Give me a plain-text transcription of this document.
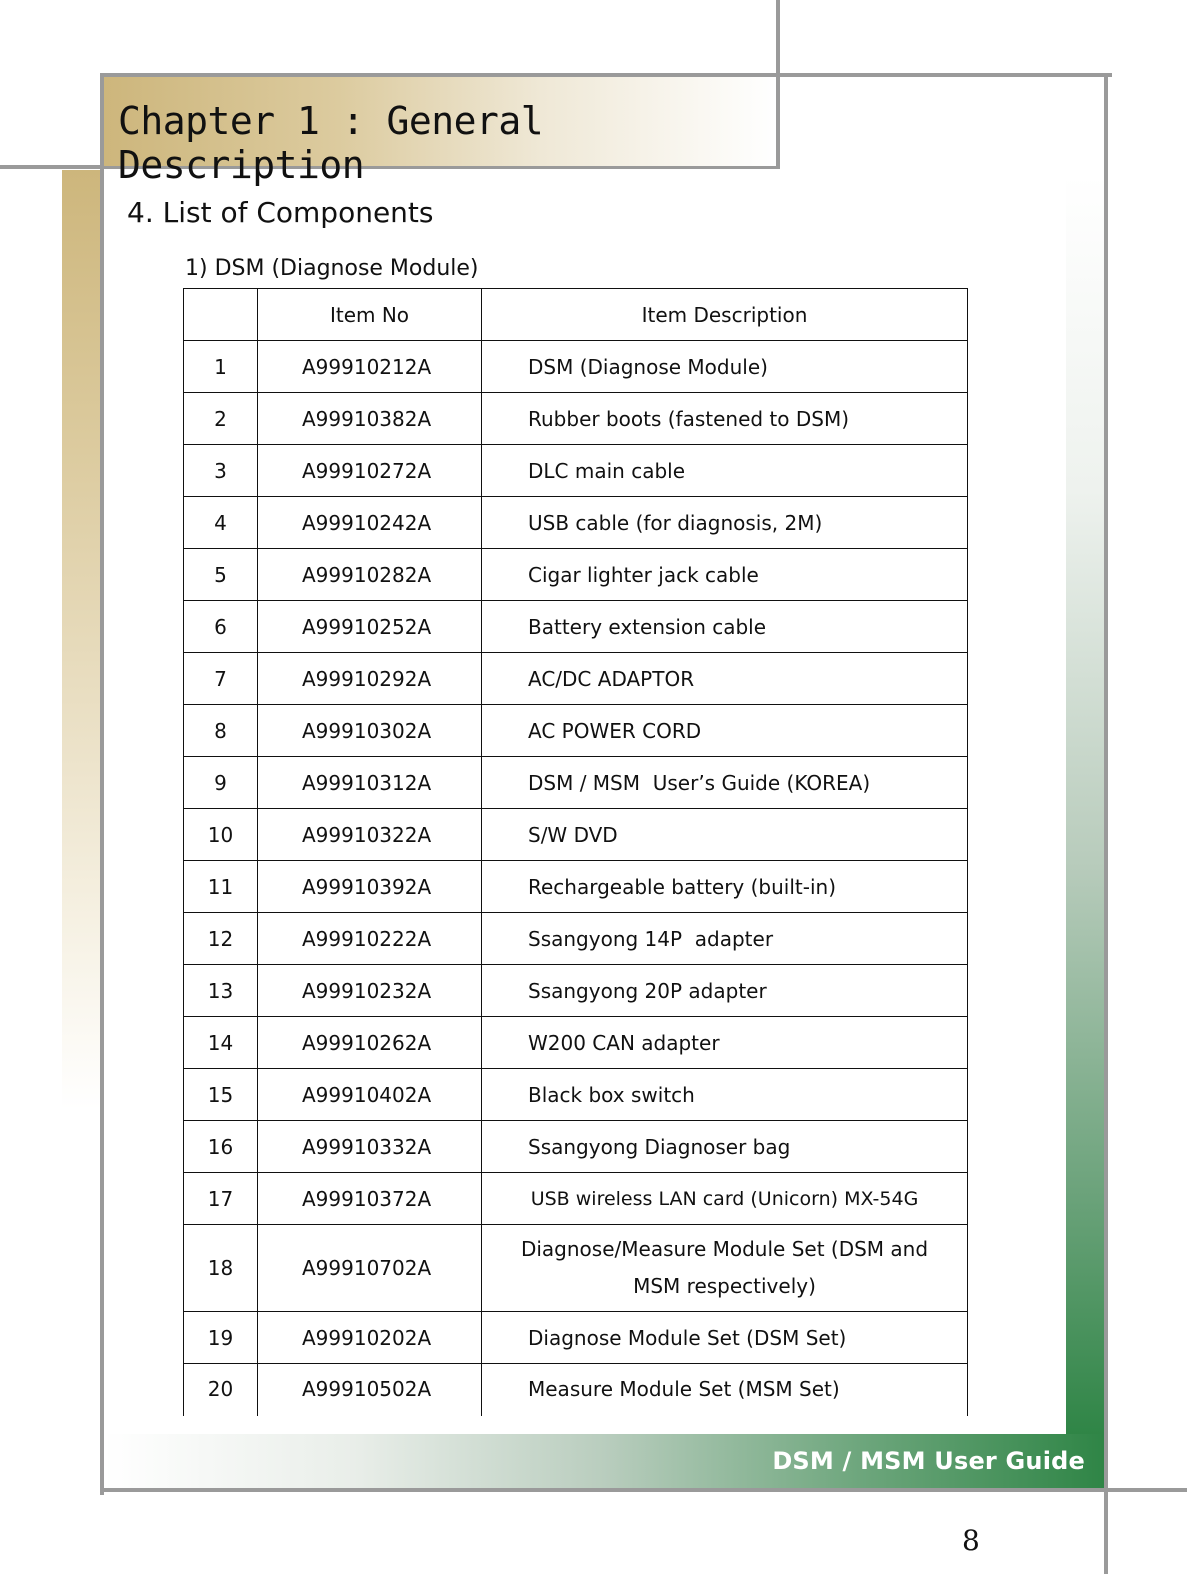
Chapter 1 : General Description
4. List of Components
1) DSM (Diagnose Module)
	Item No	Item Description
1	A99910212A	DSM (Diagnose Module)
2	A99910382A	Rubber boots (fastened to DSM)
3	A99910272A	DLC main cable
4	A99910242A	USB cable (for diagnosis, 2M)
5	A99910282A	Cigar lighter jack cable
6	A99910252A	Battery extension cable
7	A99910292A	AC/DC ADAPTOR
8	A99910302A	AC POWER CORD
9	A99910312A	DSM / MSM  User’s Guide (KOREA)
10	A99910322A	S/W DVD
11	A99910392A	Rechargeable battery (built-in)
12	A99910222A	Ssangyong 14P  adapter
13	A99910232A	Ssangyong 20P adapter
14	A99910262A	W200 CAN adapter
15	A99910402A	Black box switch
16	A99910332A	Ssangyong Diagnoser bag
17	A99910372A	USB wireless LAN card (Unicorn) MX-54G
18	A99910702A	Diagnose/Measure Module Set (DSM and MSM respectively)
19	A99910202A	Diagnose Module Set (DSM Set)
20	A99910502A	Measure Module Set (MSM Set)
DSM / MSM User Guide
8
